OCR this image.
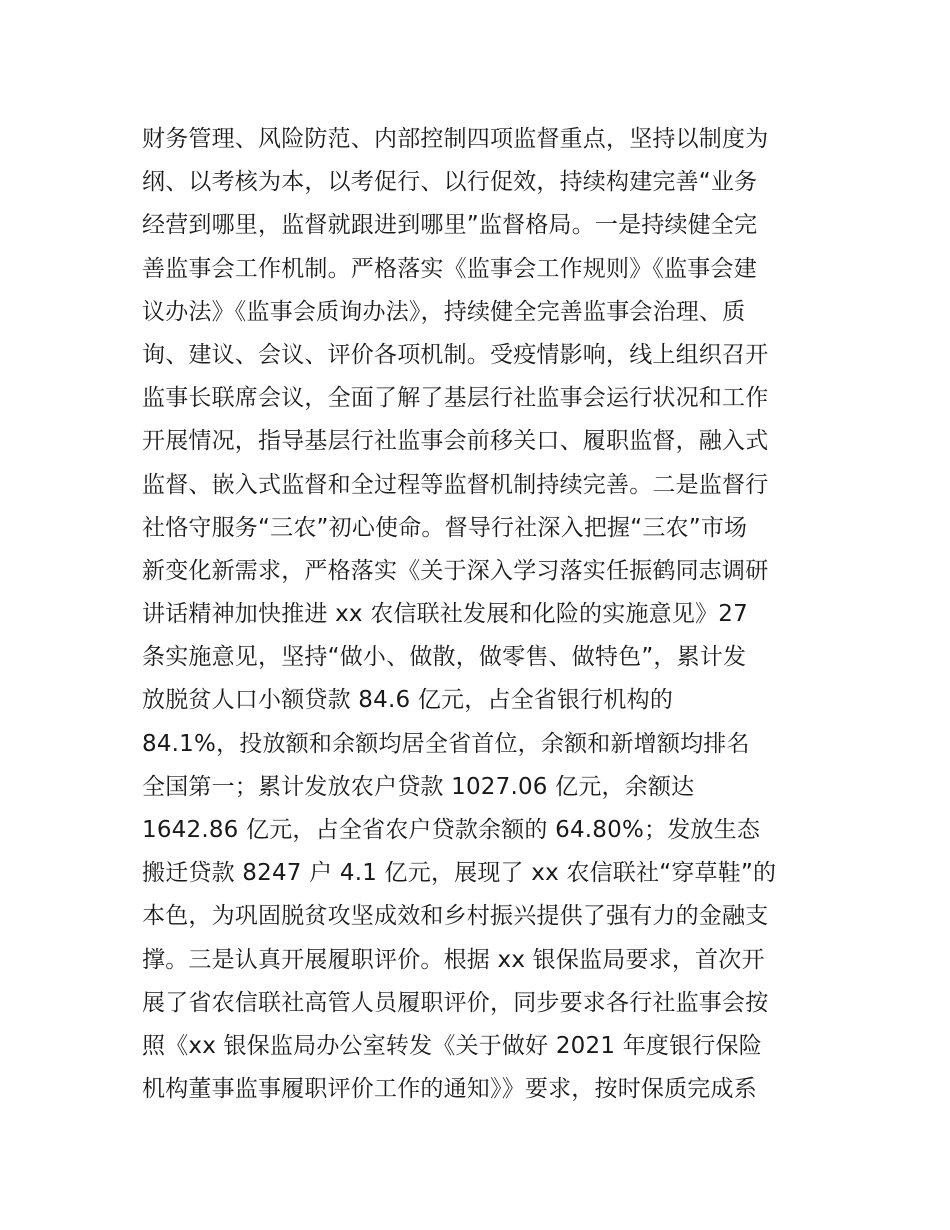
财务管理、风险防范、内部控制四项监督重点，坚持以制度为
纲、以考核为本，以考促行、以行促效，持续构建完善“业务
经营到哪里，监督就跟进到哪里”监督格局。一是持续健全完
善监事会工作机制。严格落实《监事会工作规则》《监事会建
议办法》《监事会质询办法》，持续健全完善监事会治理、质
询、建议、会议、评价各项机制。受疫情影响，线上组织召开
监事长联席会议，全面了解了基层行社监事会运行状况和工作
开展情况，指导基层行社监事会前移关口、履职监督，融入式
监督、嵌入式监督和全过程等监督机制持续完善。二是监督行
社恪守服务“三农”初心使命。督导行社深入把握“三农”市场
新变化新需求，严格落实《关于深入学习落实任振鹤同志调研
讲话精神加快推进 xx 农信联社发展和化险的实施意见》27
条实施意见，坚持“做小、做散，做零售、做特色”，累计发
放脱贫人口小额贷款 84.6 亿元，占全省银行机构的
84.1%，投放额和余额均居全省首位，余额和新增额均排名
全国第一；累计发放农户贷款 1027.06 亿元，余额达
1642.86 亿元，占全省农户贷款余额的 64.80%；发放生态
搬迁贷款 8247 户 4.1 亿元，展现了 xx 农信联社“穿草鞋”的
本色，为巩固脱贫攻坚成效和乡村振兴提供了强有力的金融支
撑。三是认真开展履职评价。根据 xx 银保监局要求，首次开
展了省农信联社高管人员履职评价，同步要求各行社监事会按
照《xx 银保监局办公室转发《关于做好 2021 年度银行保险
机构董事监事履职评价工作的通知》》要求，按时保质完成系
